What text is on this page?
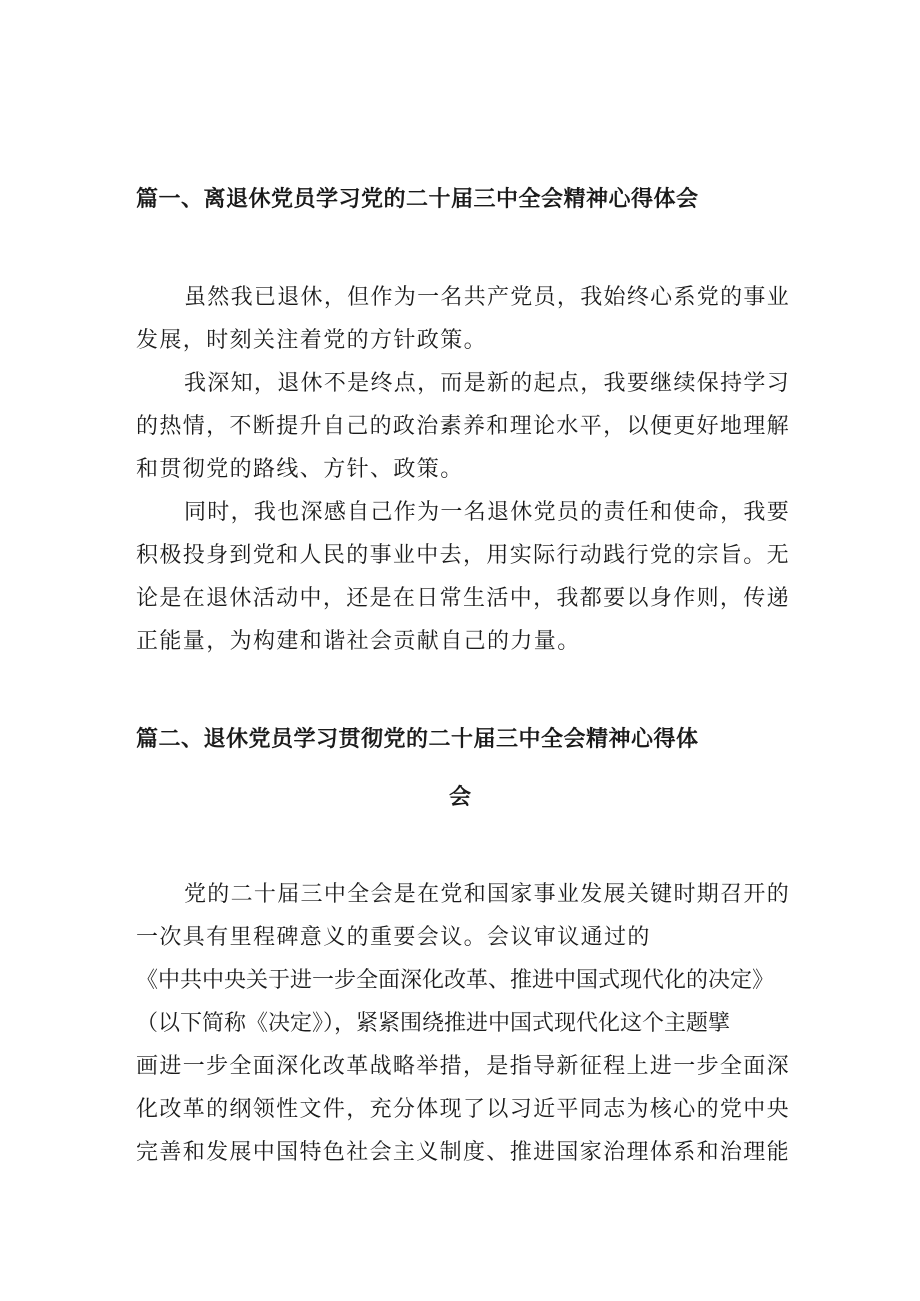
篇一、离退休党员学习党的二十届三中全会精神心得体会

虽然我已退休，但作为一名共产党员，我始终心系党的事业

发展，时刻关注着党的方针政策。

我深知，退休不是终点，而是新的起点，我要继续保持学习

的热情，不断提升自己的政治素养和理论水平，以便更好地理解

和贯彻党的路线、方针、政策。

同时，我也深感自己作为一名退休党员的责任和使命，我要

积极投身到党和人民的事业中去，用实际行动践行党的宗旨。无

论是在退休活动中，还是在日常生活中，我都要以身作则，传递

正能量，为构建和谐社会贡献自己的力量。

篇二、退休党员学习贯彻党的二十届三中全会精神心得体
会

党的二十届三中全会是在党和国家事业发展关键时期召开的

一次具有里程碑意义的重要会议。会议审议通过的

《中共中央关于进一步全面深化改革、推进中国式现代化的决定》

（以下简称《决定》），紧紧围绕推进中国式现代化这个主题擘

画进一步全面深化改革战略举措，是指导新征程上进一步全面深

化改革的纲领性文件，充分体现了以习近平同志为核心的党中央

完善和发展中国特色社会主义制度、推进国家治理体系和治理能
